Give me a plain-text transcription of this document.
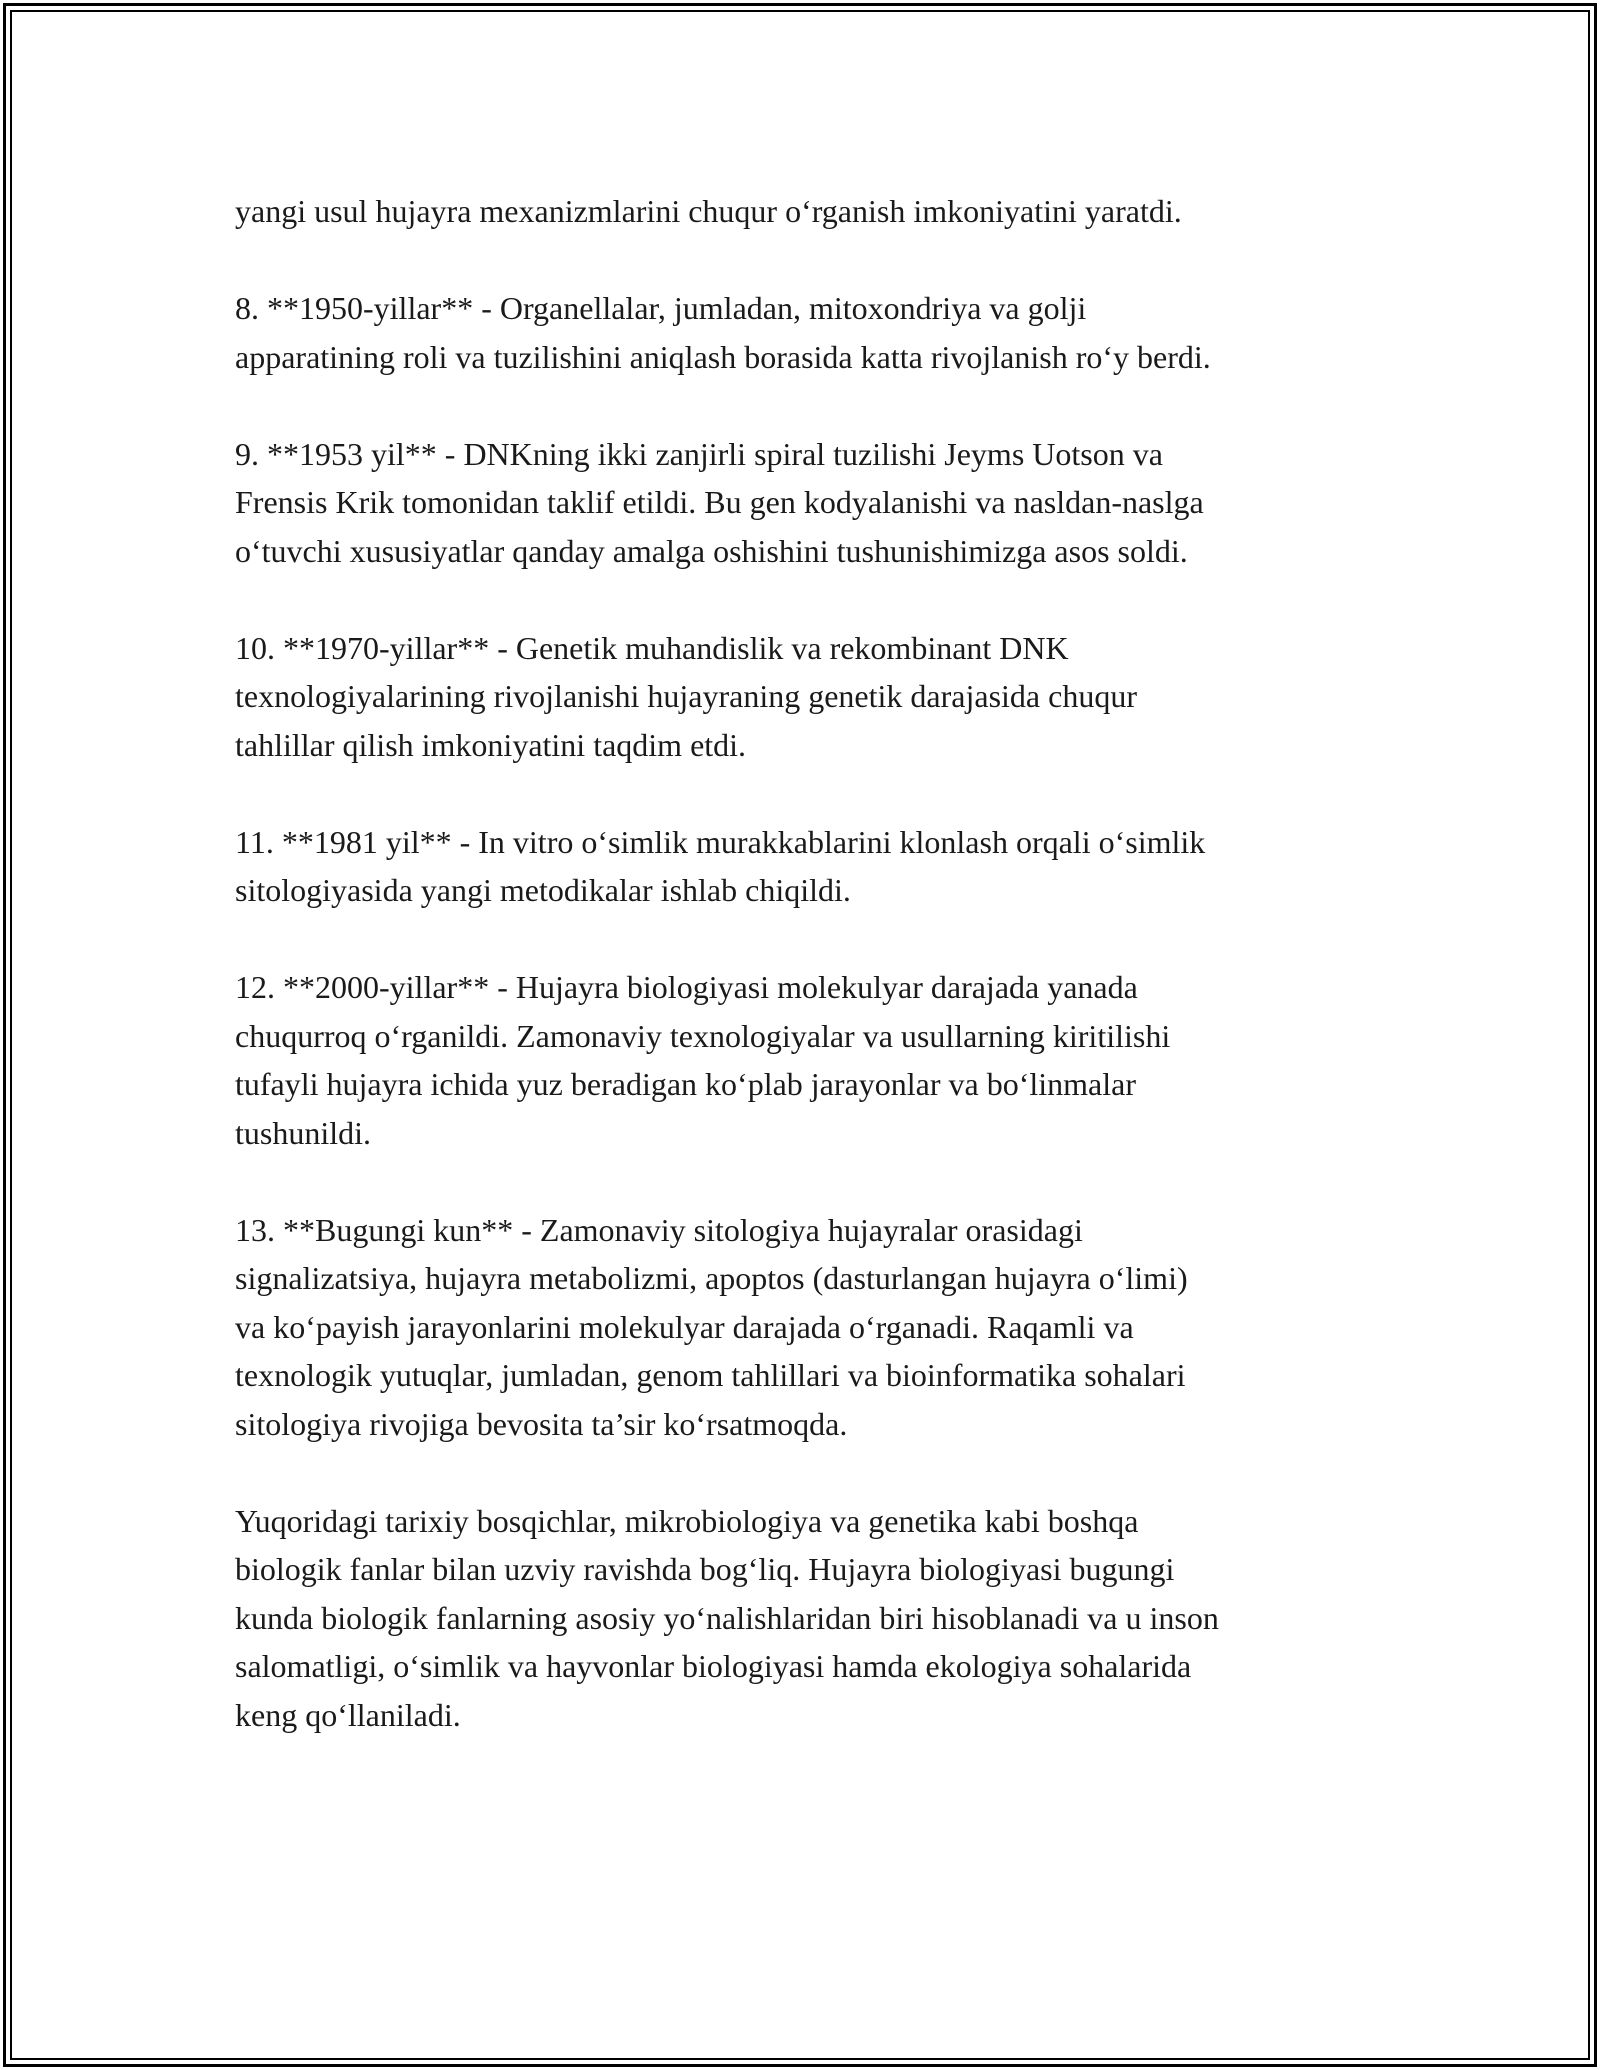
yangi usul hujayra mexanizmlarini chuqur o‘rganish imkoniyatini yaratdi.

8. **1950-yillar** - Organellalar, jumladan, mitoxondriya va golji
apparatining roli va tuzilishini aniqlash borasida katta rivojlanish ro‘y berdi.

9. **1953 yil** - DNKning ikki zanjirli spiral tuzilishi Jeyms Uotson va
Frensis Krik tomonidan taklif etildi. Bu gen kodyalanishi va nasldan-naslga
o‘tuvchi xususiyatlar qanday amalga oshishini tushunishimizga asos soldi.

10. **1970-yillar** - Genetik muhandislik va rekombinant DNK
texnologiyalarining rivojlanishi hujayraning genetik darajasida chuqur
tahlillar qilish imkoniyatini taqdim etdi.

11. **1981 yil** - In vitro o‘simlik murakkablarini klonlash orqali o‘simlik
sitologiyasida yangi metodikalar ishlab chiqildi.

12. **2000-yillar** - Hujayra biologiyasi molekulyar darajada yanada
chuqurroq o‘rganildi. Zamonaviy texnologiyalar va usullarning kiritilishi
tufayli hujayra ichida yuz beradigan ko‘plab jarayonlar va bo‘linmalar
tushunildi.

13. **Bugungi kun** - Zamonaviy sitologiya hujayralar orasidagi
signalizatsiya, hujayra metabolizmi, apoptos (dasturlangan hujayra o‘limi)
va ko‘payish jarayonlarini molekulyar darajada o‘rganadi. Raqamli va
texnologik yutuqlar, jumladan, genom tahlillari va bioinformatika sohalari
sitologiya rivojiga bevosita ta’sir ko‘rsatmoqda.

Yuqoridagi tarixiy bosqichlar, mikrobiologiya va genetika kabi boshqa
biologik fanlar bilan uzviy ravishda bog‘liq. Hujayra biologiyasi bugungi
kunda biologik fanlarning asosiy yo‘nalishlaridan biri hisoblanadi va u inson
salomatligi, o‘simlik va hayvonlar biologiyasi hamda ekologiya sohalarida
keng qo‘llaniladi.
